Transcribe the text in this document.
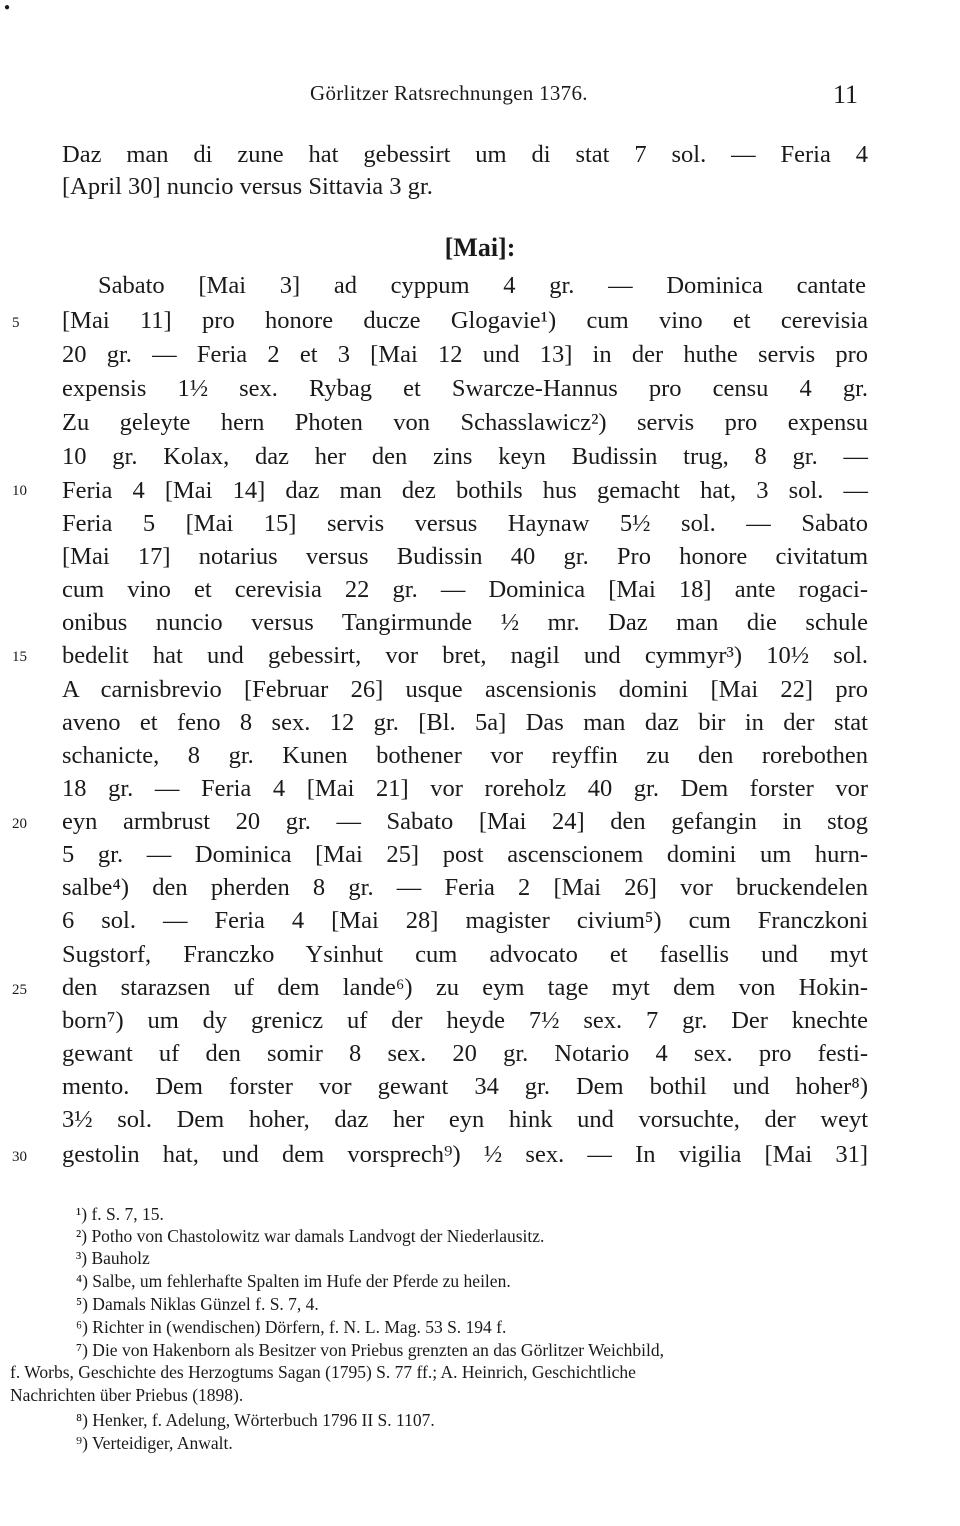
●
Görlitzer Ratsrechnungen 1376.	11
Daz man di zune hat gebessirt um di stat 7 sol. — Feria 4
[April 30] nuncio versus Sittavia 3 gr.
[Mai]:
Sabato [Mai 3] ad cyppum 4 gr. — Dominica cantate
[Mai 11] pro honore ducze Glogavie¹) cum vino et cerevisia
20 gr. — Feria 2 et 3 [Mai 12 und 13] in der huthe servis pro
expensis 1½ sex. Rybag et Swarcze-Hannus pro censu 4 gr.
Zu geleyte hern Photen von Schasslawicz²) servis pro expensu
10 gr. Kolax, daz her den zins keyn Budissin trug, 8 gr. —
Feria 4 [Mai 14] daz man dez bothils hus gemacht hat, 3 sol. —
Feria 5 [Mai 15] servis versus Haynaw 5½ sol. — Sabato
[Mai 17] notarius versus Budissin 40 gr. Pro honore civitatum
cum vino et cerevisia 22 gr. — Dominica [Mai 18] ante rogaci-
onibus nuncio versus Tangirmunde ½ mr. Daz man die schule
bedelit hat und gebessirt, vor bret, nagil und cymmyr³) 10½ sol.
A carnisbrevio [Februar 26] usque ascensionis domini [Mai 22] pro
aveno et feno 8 sex. 12 gr. [Bl. 5a] Das man daz bir in der stat
schanicte, 8 gr. Kunen bothener vor reyffin zu den rorebothen
18 gr. — Feria 4 [Mai 21] vor roreholz 40 gr. Dem forster vor
eyn armbrust 20 gr. — Sabato [Mai 24] den gefangin in stog
5 gr. — Dominica [Mai 25] post ascenscionem domini um hurn-
salbe⁴) den pherden 8 gr. — Feria 2 [Mai 26] vor bruckendelen
6 sol. — Feria 4 [Mai 28] magister civium⁵) cum Franczkoni
Sugstorf, Franczko Ysinhut cum advocato et fasellis und myt
den starazsen uf dem lande⁶) zu eym tage myt dem von Hokin-
born⁷) um dy grenicz uf der heyde 7½ sex. 7 gr. Der knechte
gewant uf den somir 8 sex. 20 gr. Notario 4 sex. pro festi-
mento. Dem forster vor gewant 34 gr. Dem bothil und hoher⁸)
3½ sol. Dem hoher, daz her eyn hink und vorsuchte, der weyt
gestolin hat, und dem vorsprech⁹) ½ sex. — In vigilia [Mai 31]
5
10
15
20
25
30
¹) f. S. 7, 15.
²) Potho von Chastolowitz war damals Landvogt der Niederlausitz.
³) Bauholz
⁴) Salbe, um fehlerhafte Spalten im Hufe der Pferde zu heilen.
⁵) Damals Niklas Günzel f. S. 7, 4.
⁶) Richter in (wendischen) Dörfern, f. N. L. Mag. 53 S. 194 f.
⁷) Die von Hakenborn als Besitzer von Priebus grenzten an das Görlitzer Weichbild,
f. Worbs, Geschichte des Herzogtums Sagan (1795) S. 77 ff.; A. Heinrich, Geschichtliche
Nachrichten über Priebus (1898).
⁸) Henker, f. Adelung, Wörterbuch 1796 II S. 1107.
⁹) Verteidiger, Anwalt.
